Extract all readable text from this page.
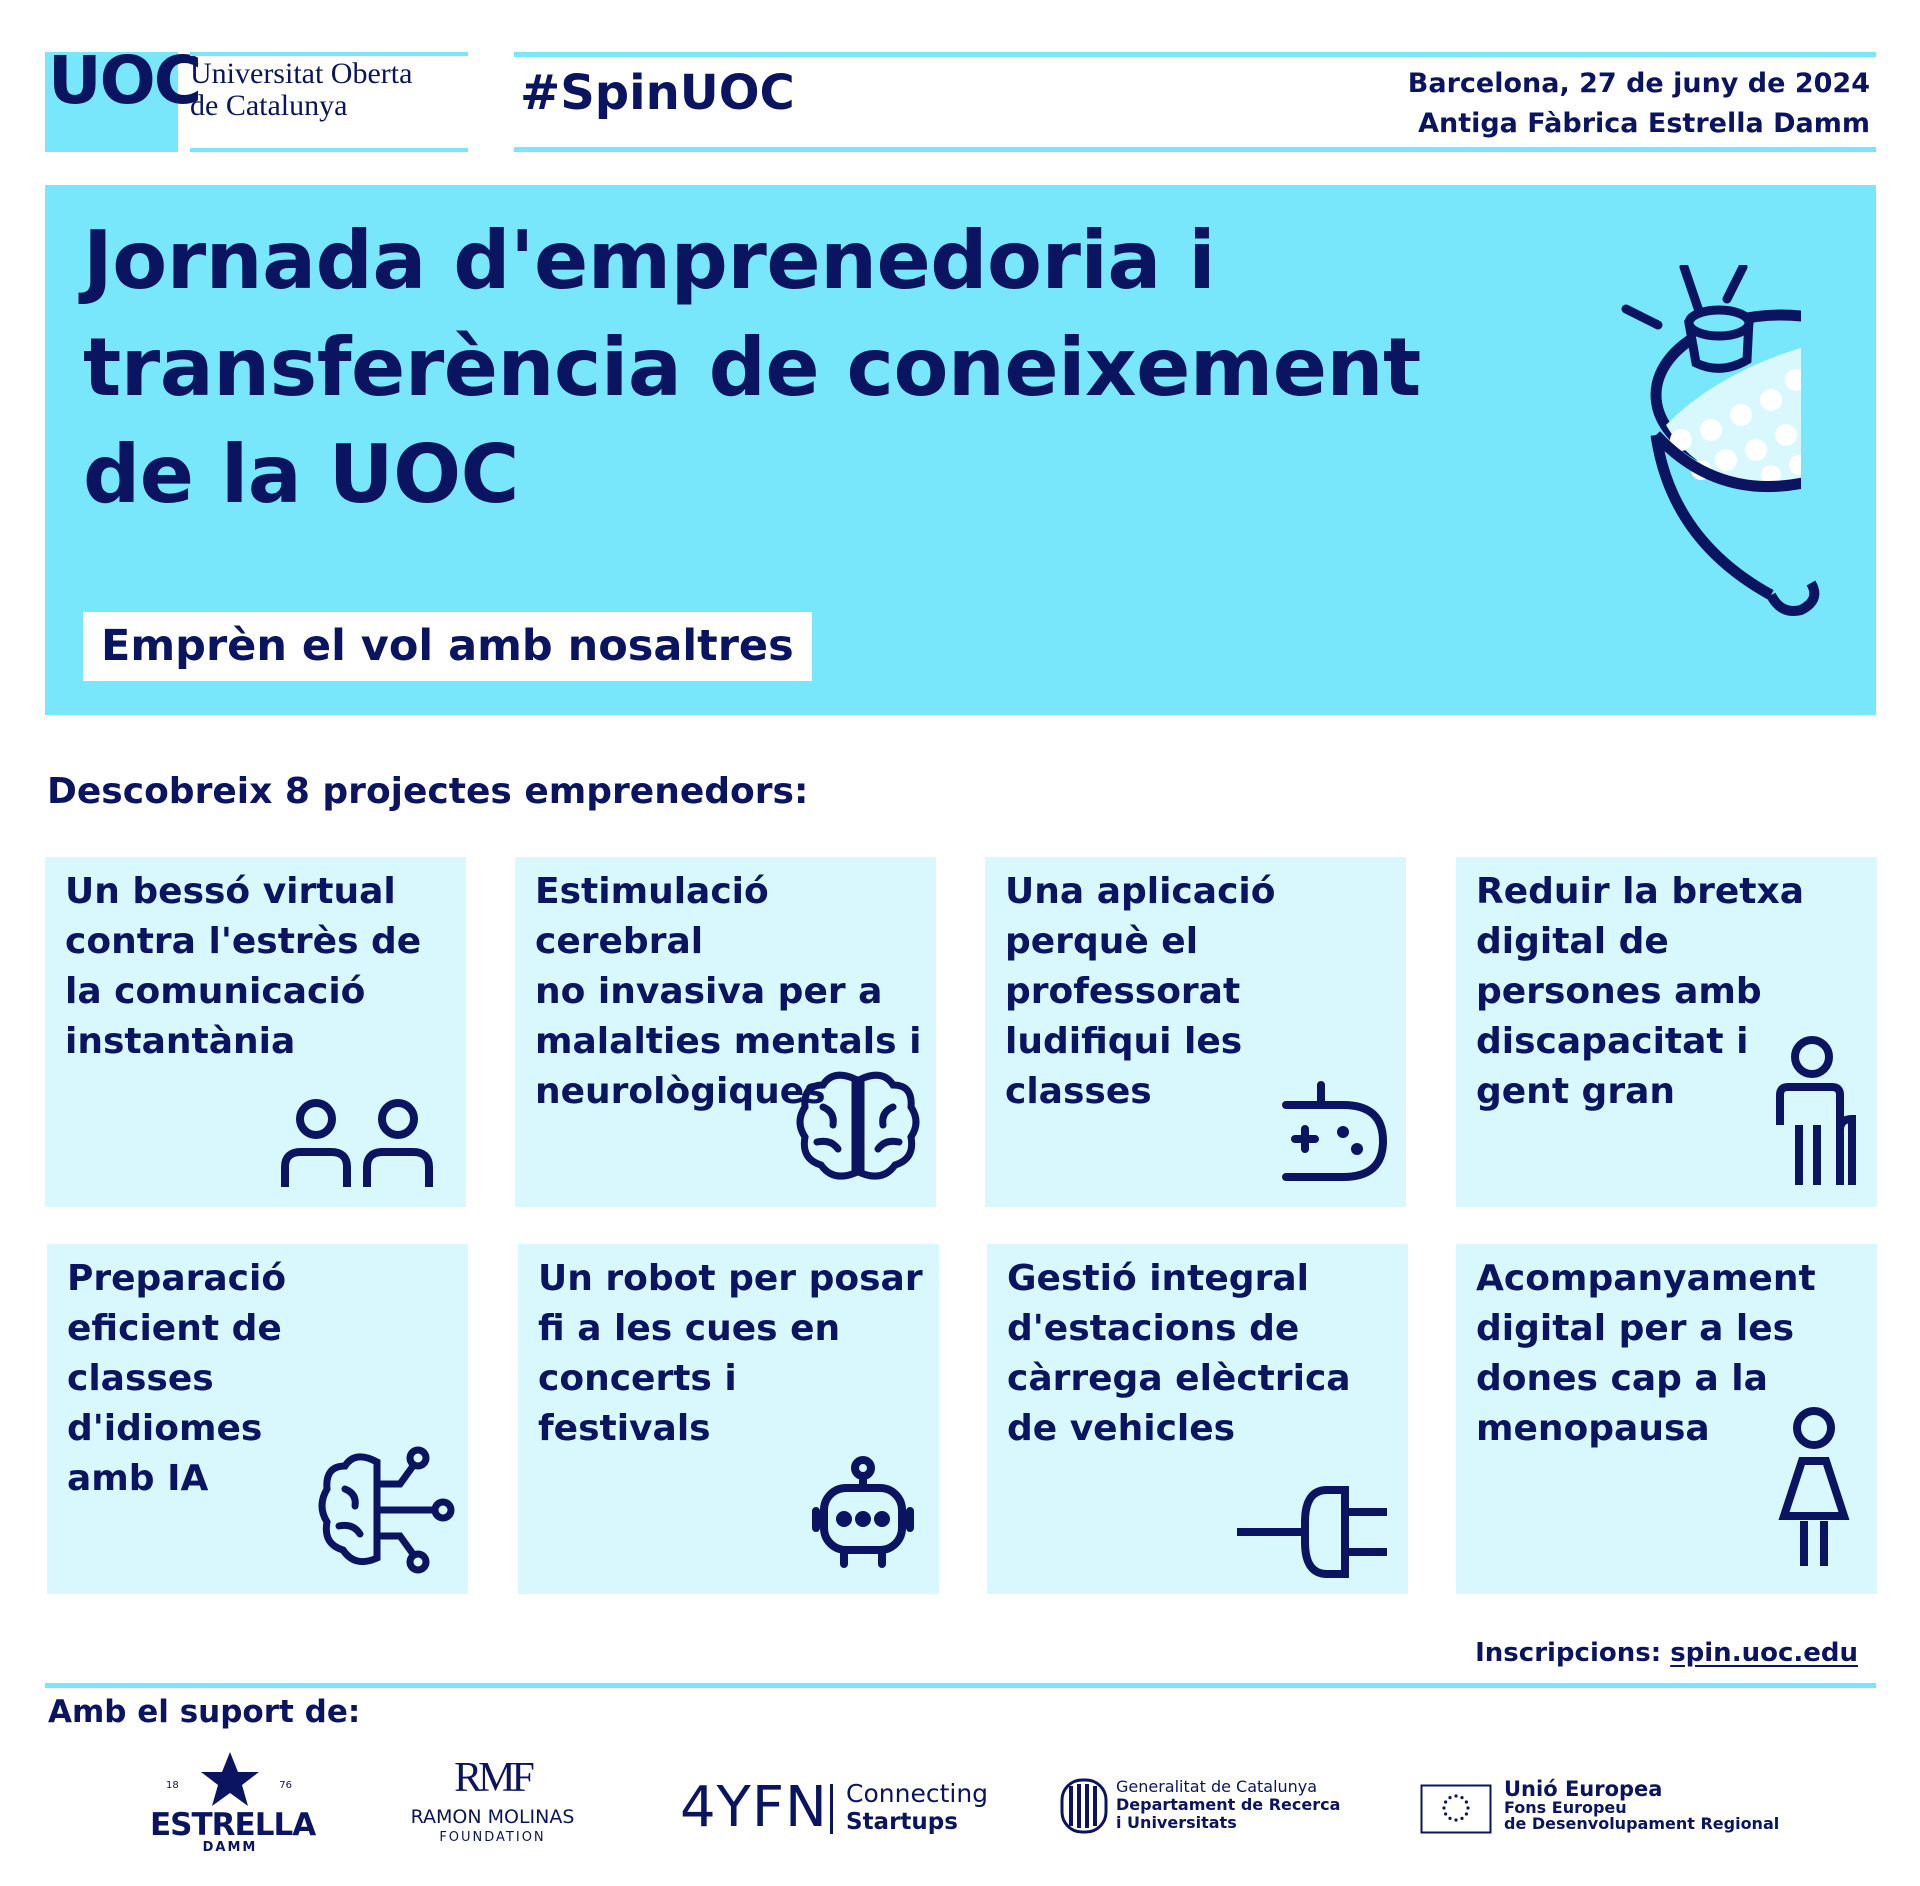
UOC
Universitat Oberta
de Catalunya	#SpinUOC	Barcelona, 27 de juny de 2024
Antiga Fàbrica Estrella Damm
Jornada d'emprenedoria i
transferència de coneixement
de la UOC
Emprèn el vol amb nosaltres
Descobreix 8 projectes emprenedors:
Un bessó virtual
contra l'estrès de
la comunicació
instantània
Estimulació cerebral
no invasiva per a
malalties mentals i
neurològiques
Una aplicació
perquè el
professorat
ludifiqui les
classes
Reduir la bretxa
digital de
persones amb
discapacitat i
gent gran
Preparació
eficient de
classes
d'idiomes
amb IA
Un robot per posar
fi a les cues en
concerts i
festivals
Gestió integral
d'estacions de
càrrega elèctrica
de vehicles
Acompanyament
digital per a les
dones cap a la
menopausa
Inscripcions: spin.uoc.edu
Amb el suport de:
18	76
ESTRELLA
DAMM
RMF
RAMON MOLINAS
FOUNDATION	4YFN Connecting
Startups
Generalitat de Catalunya
Departament de Recerca
i Universitats
Unió Europea
Fons Europeu
de Desenvolupament Regional
